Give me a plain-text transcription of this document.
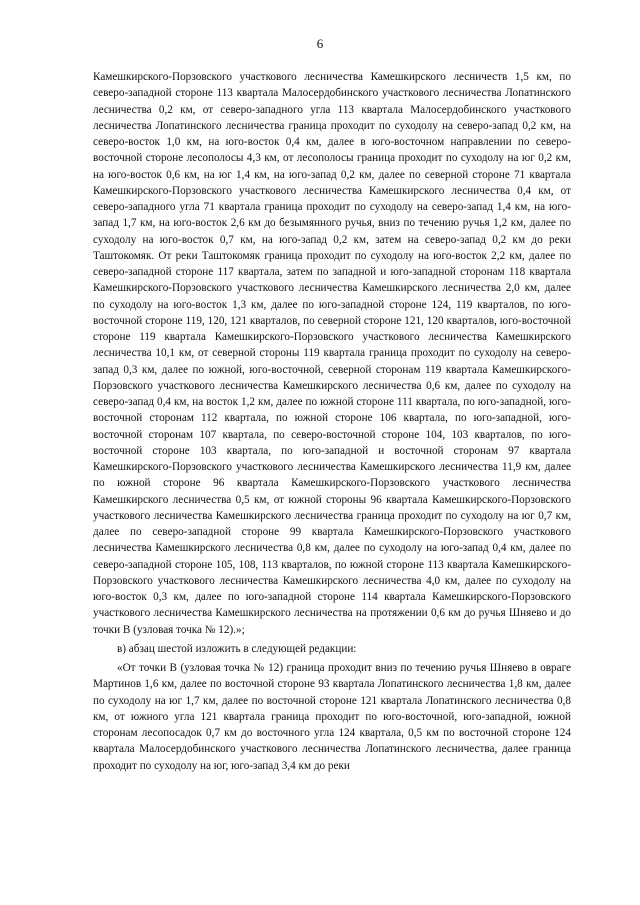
6

Камешкирского-Порзовского участкового лесничества Камешкирского лесничеств 1,5 км, по северо-западной стороне 113 квартала Малосердобинского участкового лесничества Лопатинского лесничества 0,2 км, от северо-западного угла 113 квартала Малосердобинского участкового лесничества Лопатинского лесничества граница проходит по суходолу на северо-запад 0,2 км, на северо-восток 1,0 км, на юго-восток 0,4 км, далее в юго-восточном направлении по северо-восточной стороне лесополосы 4,3 км, от лесополосы граница проходит по суходолу на юг 0,2 км, на юго-восток 0,6 км, на юг 1,4 км, на юго-запад 0,2 км, далее по северной стороне 71 квартала Камешкирского-Порзовского участкового лесничества Камешкирского лесничества 0,4 км, от северо-западного угла 71 квартала граница проходит по суходолу на северо-запад 1,4 км, на юго-запад 1,7 км, на юго-восток 2,6 км до безымянного ручья, вниз по течению ручья 1,2 км, далее по суходолу на юго-восток 0,7 км, на юго-запад 0,2 км, затем на северо-запад 0,2 км до реки Таштокомяк. От реки Таштокомяк граница проходит по суходолу на юго-восток 2,2 км, далее по северо-западной стороне 117 квартала, затем по западной и юго-западной сторонам 118 квартала Камешкирского-Порзовского участкового лесничества Камешкирского лесничества 2,0 км, далее по суходолу на юго-восток 1,3 км, далее по юго-западной стороне 124, 119 кварталов, по юго-восточной стороне 119, 120, 121 кварталов, по северной стороне 121, 120 кварталов, юго-восточной стороне 119 квартала Камешкирского-Порзовского участкового лесничества Камешкирского лесничества 10,1 км, от северной стороны 119 квартала граница проходит по суходолу на северо-запад 0,3 км, далее по южной, юго-восточной, северной сторонам 119 квартала Камешкирского-Порзовского участкового лесничества Камешкирского лесничества 0,6 км, далее по суходолу на северо-запад 0,4 км, на восток 1,2 км, далее по южной стороне 111 квартала, по юго-западной, юго-восточной сторонам 112 квартала, по южной стороне 106 квартала, по юго-западной, юго-восточной сторонам 107 квартала, по северо-восточной стороне 104, 103 кварталов, по юго-восточной стороне 103 квартала, по юго-западной и восточной сторонам 97 квартала Камешкирского-Порзовского участкового лесничества Камешкирского лесничества 11,9 км, далее по южной стороне 96 квартала Камешкирского-Порзовского участкового лесничества Камешкирского лесничества 0,5 км, от южной стороны 96 квартала Камешкирского-Порзовского участкового лесничества Камешкирского лесничества граница проходит по суходолу на юг 0,7 км, далее по северо-западной стороне 99 квартала Камешкирского-Порзовского участкового лесничества Камешкирского лесничества 0,8 км, далее по суходолу на юго-запад 0,4 км, далее по северо-западной стороне 105, 108, 113 кварталов, по южной стороне 113 квартала Камешкирского-Порзовского участкового лесничества Камешкирского лесничества 4,0 км, далее по суходолу на юго-восток 0,3 км, далее по юго-западной стороне 114 квартала Камешкирского-Порзовского участкового лесничества Камешкирского лесничества на протяжении 0,6 км до ручья Шняево и до точки В (узловая точка № 12).»;

в) абзац шестой изложить в следующей редакции:

«От точки В (узловая точка № 12) граница проходит вниз по течению ручья Шняево в овраге Мартинов 1,6 км, далее по восточной стороне 93 квартала Лопатинского лесничества 1,8 км, далее по суходолу на юг 1,7 км, далее по восточной стороне 121 квартала Лопатинского лесничества 0,8 км, от южного угла 121 квартала граница проходит по юго-восточной, юго-западной, южной сторонам лесопосадок 0,7 км до восточного угла 124 квартала, 0,5 км по восточной стороне 124 квартала Малосердобинского участкового лесничества Лопатинского лесничества, далее граница проходит по суходолу на юг, юго-запад 3,4 км до реки
